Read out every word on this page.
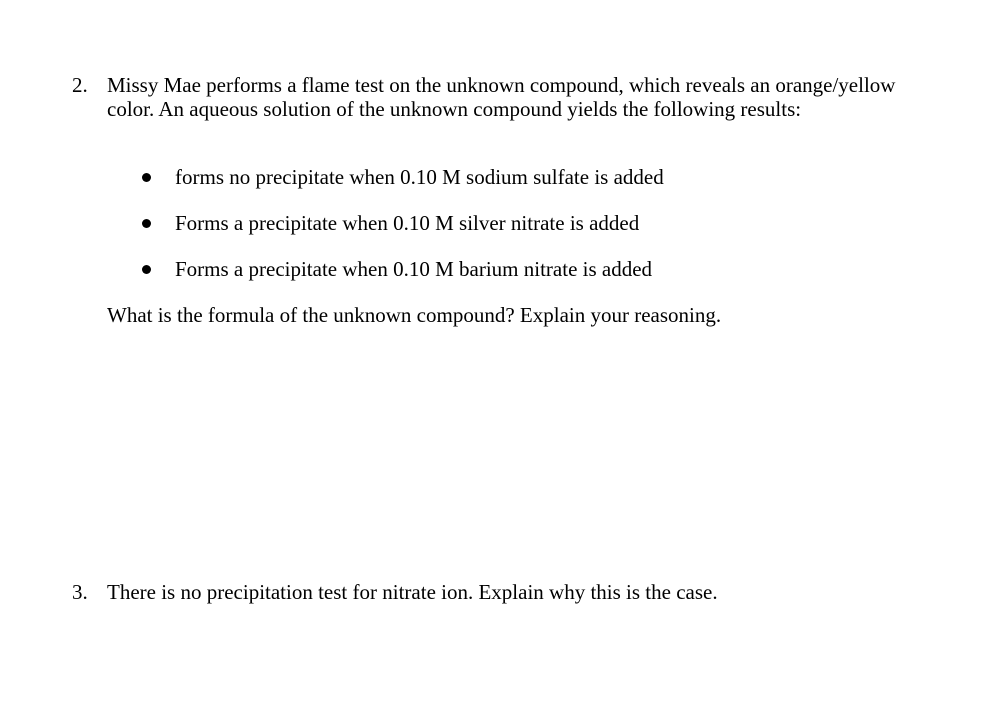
2. Missy Mae performs a flame test on the unknown compound, which reveals an orange/yellow color. An aqueous solution of the unknown compound yields the following results:
forms no precipitate when 0.10 M sodium sulfate is added
Forms a precipitate when 0.10 M silver nitrate is added
Forms a precipitate when 0.10 M barium nitrate is added
What is the formula of the unknown compound? Explain your reasoning.
3. There is no precipitation test for nitrate ion. Explain why this is the case.
